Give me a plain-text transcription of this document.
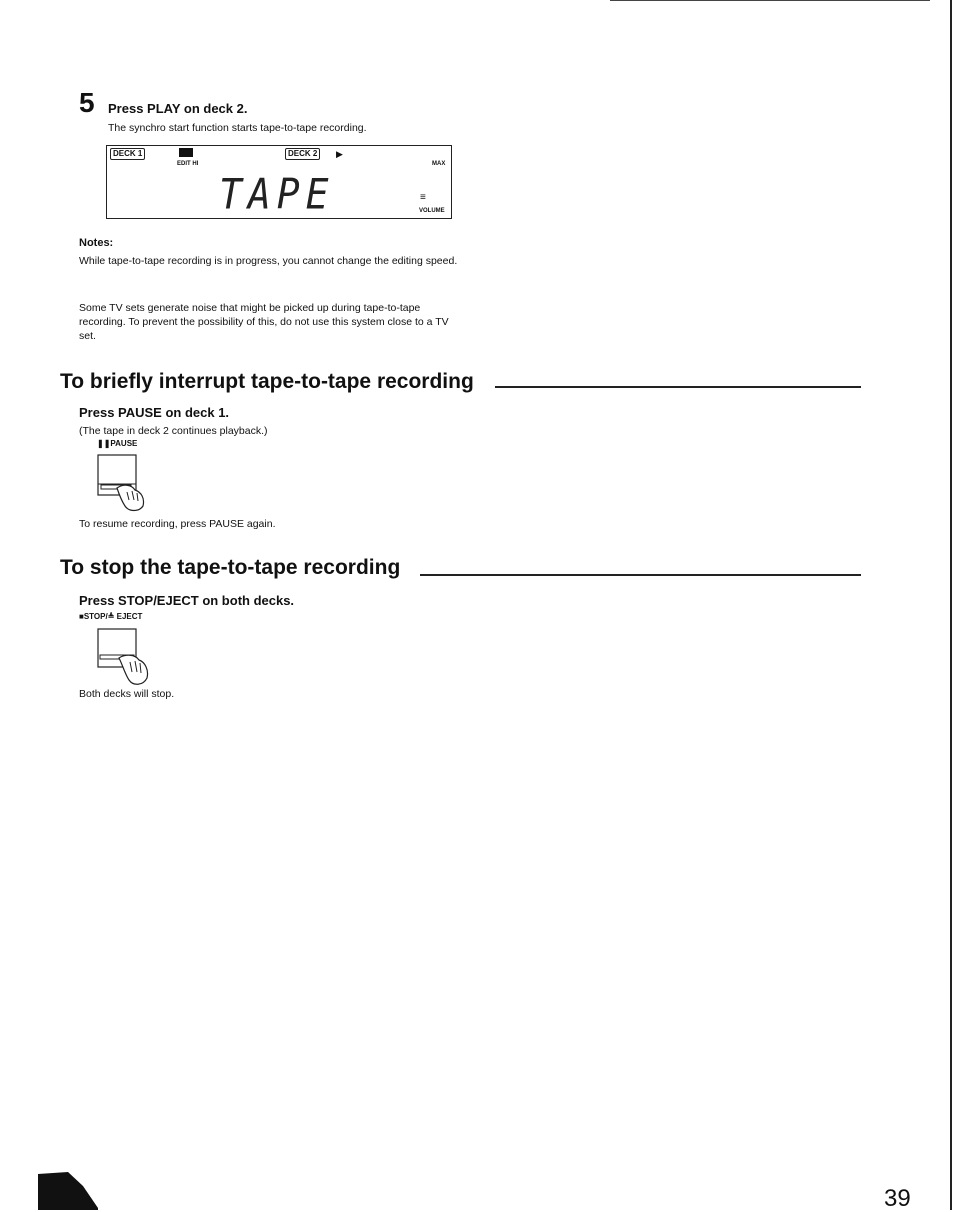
5 Press PLAY on deck 2.
The synchro start function starts tape-to-tape recording.
DECK 1
EDIT HI
DECK 2	▶
MAX
TAPE	≡
VOLUME
Notes:
While tape-to-tape recording is in progress, you cannot change the editing speed.
Some TV sets generate noise that might be picked up during tape-to-tape recording. To prevent the possibility of this, do not use this system close to a TV set.
To briefly interrupt tape-to-tape recording
Press PAUSE on deck 1.
(The tape in deck 2 continues playback.)
❚❚PAUSE
To resume recording, press PAUSE again.
To stop the tape-to-tape recording
Press STOP/EJECT on both decks.
■STOP/≜ EJECT
Both decks will stop.
39
